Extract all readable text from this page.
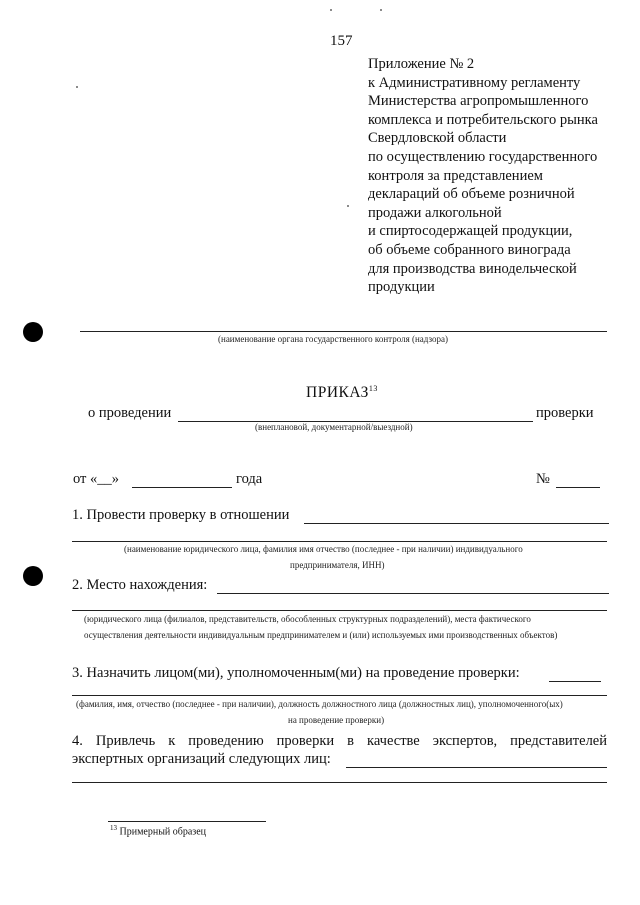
157
Приложение № 2
к Административному регламенту
Министерства агропромышленного
комплекса и потребительского рынка
Свердловской области
по осуществлению государственного
контроля за представлением
деклараций об объеме розничной
продажи алкогольной
и спиртосодержащей продукции,
об объеме собранного винограда
для производства винодельческой
продукции
(наименование органа государственного контроля (надзора)
ПРИКАЗ$^{13}$
о проведении	проверки
(внеплановой, документарной/выездной)
от «__»	года	№
1. Провести проверку в отношении
(наименование юридического лица, фамилия имя отчество (последнее - при наличии) индивидуального
предпринимателя, ИНН)
2. Место нахождения:
(юридического лица (филиалов, представительств, обособленных структурных подразделений), места фактического
осуществления деятельности индивидуальным предпринимателем и (или) используемых ими производственных объектов)
3. Назначить лицом(ми), уполномоченным(ми) на проведение проверки:
(фамилия, имя, отчество (последнее - при наличии), должность должностного лица (должностных лиц), уполномоченного(ых)
на проведение проверки)
4. Привлечь к проведению проверки в качестве экспертов, представителей
экспертных организаций следующих лиц:
$^{13}$ Примерный образец
